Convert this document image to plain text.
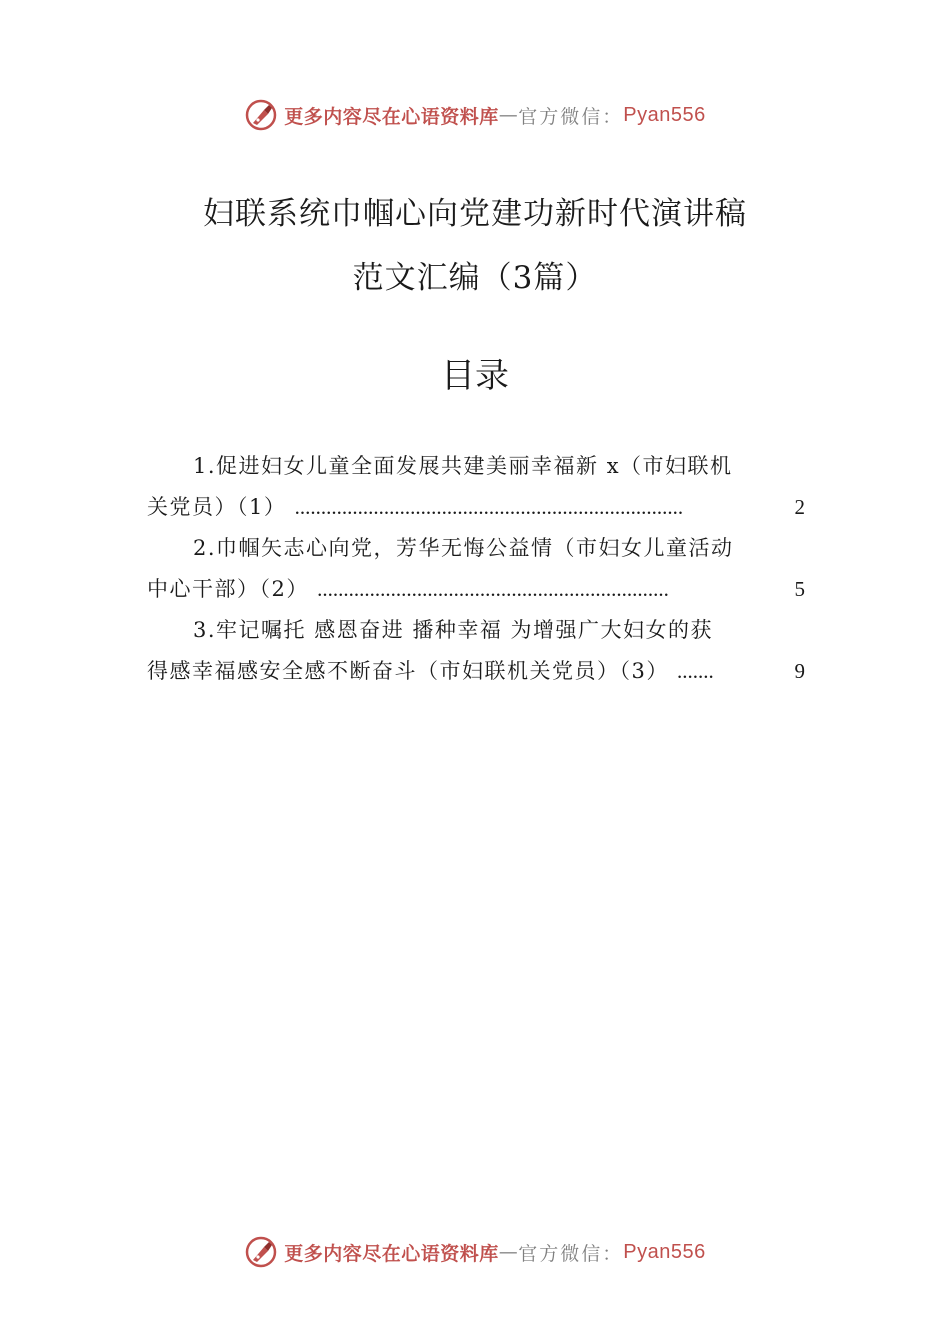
更多内容尽在心语资料库 — 官方微信： Pyan556
妇联系统巾帼心向党建功新时代演讲稿
范文汇编（3篇）
目录

1.促进妇女儿童全面发展共建美丽幸福新 x（市妇联机
关党员）（1） ..........................................................................	2

2.巾帼矢志心向党，芳华无悔公益情（市妇女儿童活动
中心干部）（2） ...................................................................	5

3.牢记嘱托 感恩奋进 播种幸福 为增强广大妇女的获
得感幸福感安全感不断奋斗（市妇联机关党员）（3） .......	9

更多内容尽在心语资料库 — 官方微信： Pyan556
